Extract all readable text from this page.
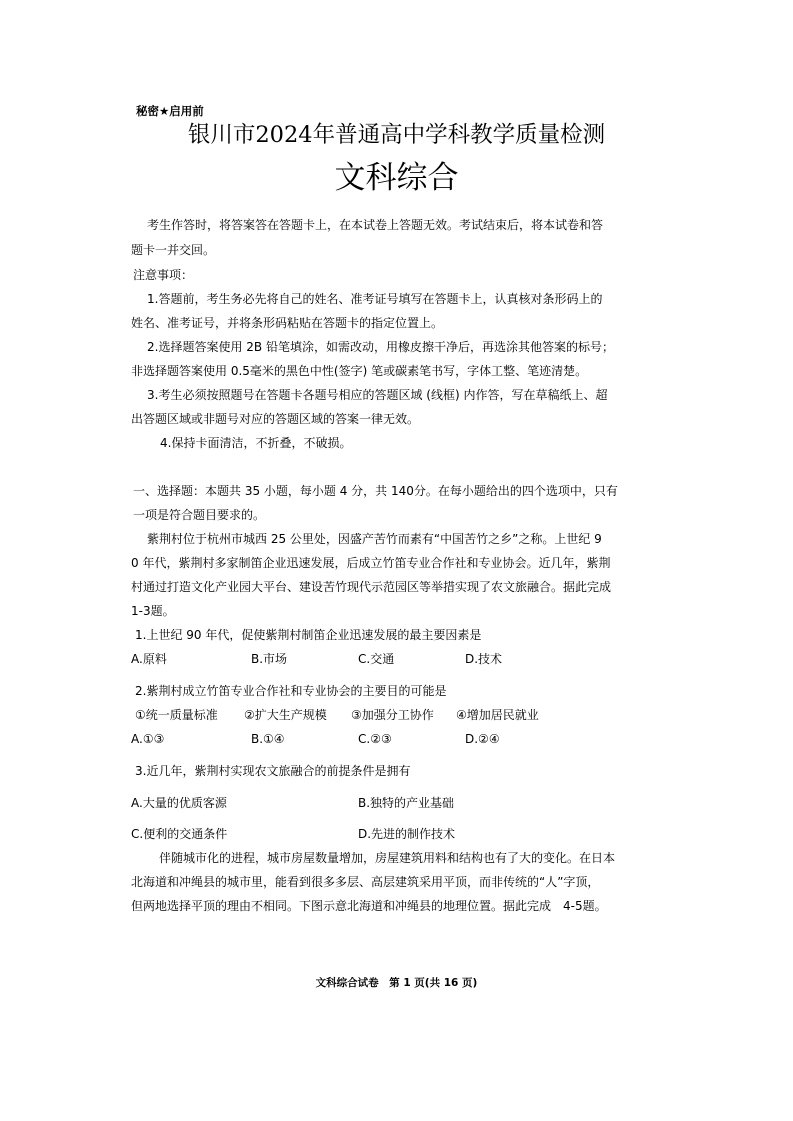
秘密★启用前
银川市2024年普通高中学科教学质量检测
文科综合
考生作答时，将答案答在答题卡上，在本试卷上答题无效。考试结束后，将本试卷和答
题卡一并交回。
注意事项：
1.答题前，考生务必先将自己的姓名、准考证号填写在答题卡上，认真核对条形码上的
姓名、准考证号，并将条形码粘贴在答题卡的指定位置上。
2.选择题答案使用 2B 铅笔填涂，如需改动，用橡皮擦干净后，再选涂其他答案的标号；
非选择题答案使用 0.5毫米的黑色中性(签字) 笔或碳素笔书写，字体工整、笔迹清楚。
3.考生必须按照题号在答题卡各题号相应的答题区域 (线框) 内作答，写在草稿纸上、超
出答题区域或非题号对应的答题区域的答案一律无效。
4.保持卡面清洁，不折叠，不破损。
一、选择题：本题共 35 小题，每小题 4 分，共 140分。在每小题给出的四个选项中，只有
一项是符合题目要求的。
紫荆村位于杭州市城西 25 公里处，因盛产苦竹而素有“中国苦竹之乡”之称。上世纪 9
0 年代，紫荆村多家制笛企业迅速发展，后成立竹笛专业合作社和专业协会。近几年，紫荆
村通过打造文化产业园大平台、建设苦竹现代示范园区等举措实现了农文旅融合。据此完成
1-3题。
1.上世纪 90 年代，促使紫荆村制笛企业迅速发展的最主要因素是
A.原料	B.市场	C.交通	D.技术
2.紫荆村成立竹笛专业合作社和专业协会的主要目的可能是
①统一质量标准 ②扩大生产规模 ③加强分工协作 ④增加居民就业
A.①③	B.①④	C.②③	D.②④
3.近几年，紫荆村实现农文旅融合的前提条件是拥有
A.大量的优质客源	B.独特的产业基础
C.便利的交通条件	D.先进的制作技术
伴随城市化的进程，城市房屋数量增加，房屋建筑用料和结构也有了大的变化。在日本
北海道和冲绳县的城市里，能看到很多多层、高层建筑采用平顶，而非传统的“人”字顶，
但两地选择平顶的理由不相同。下图示意北海道和冲绳县的地理位置。据此完成　4-5题。
文科综合试卷　第 1 页(共 16 页)
